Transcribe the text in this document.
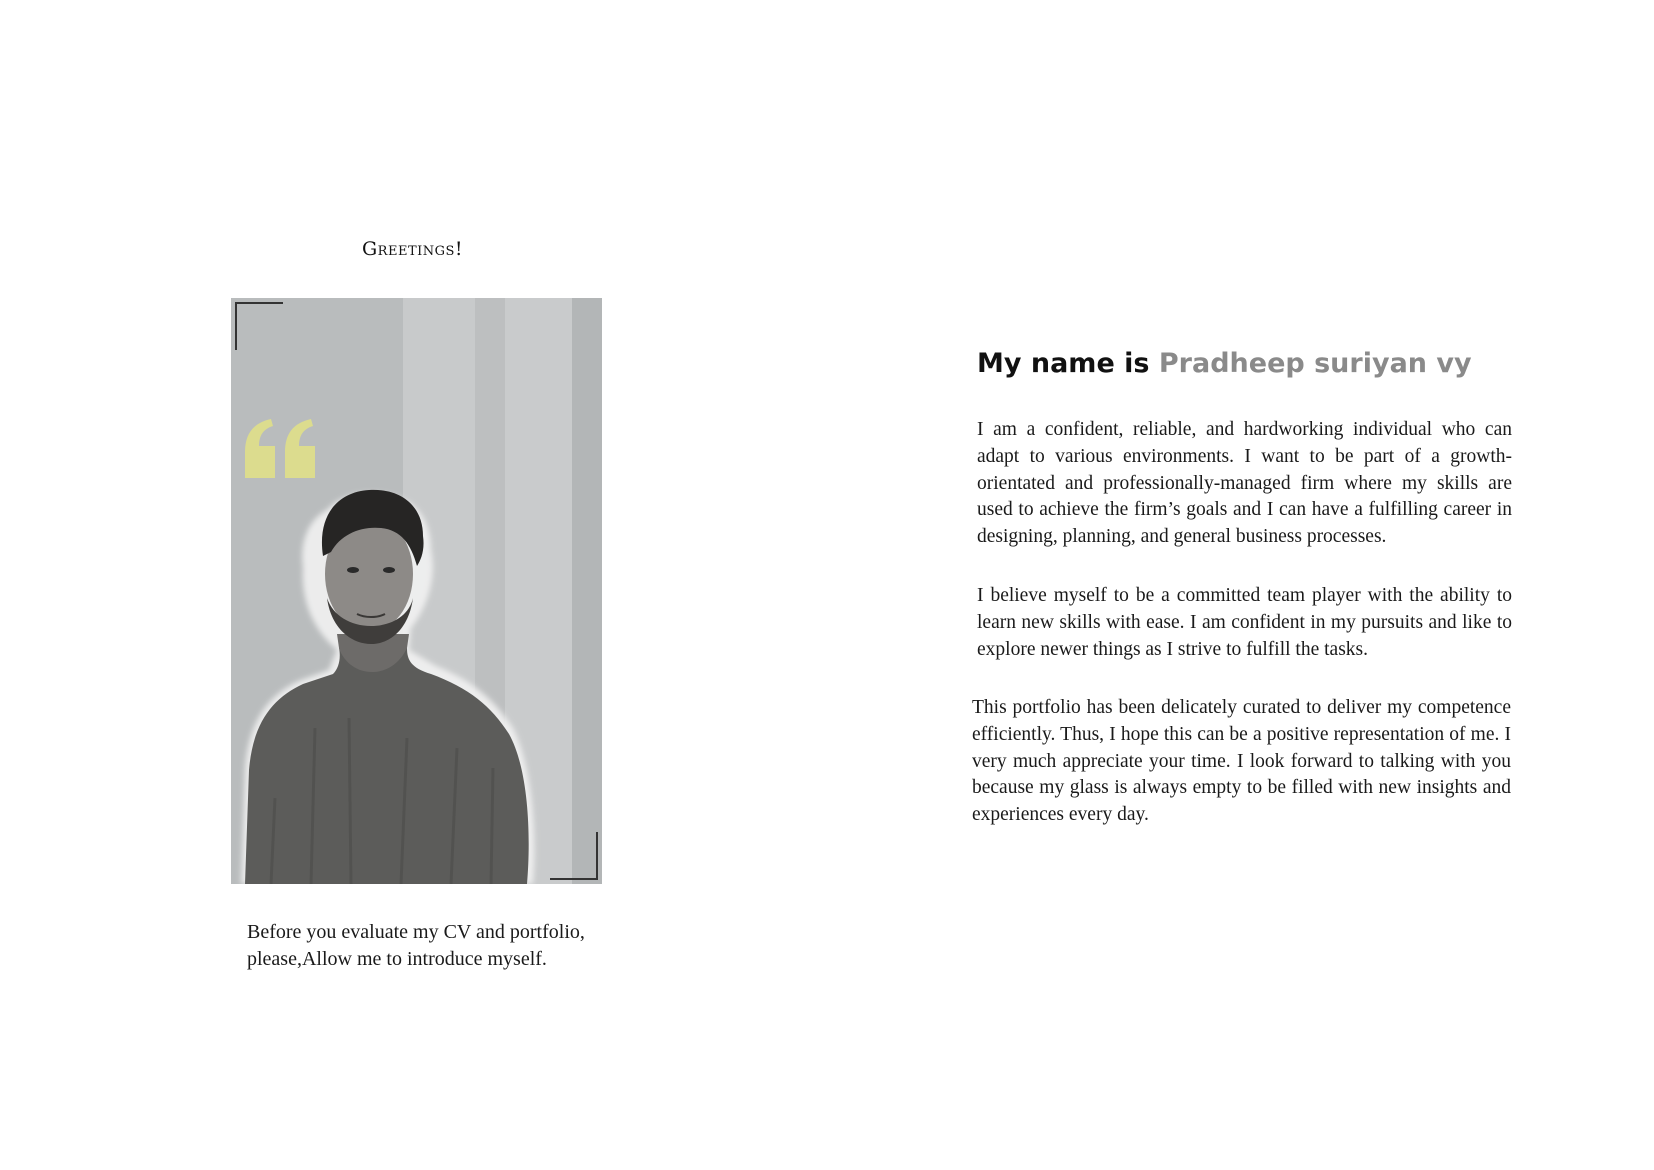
Greetings!
Before you evaluate my CV and portfolio, please,Allow me to introduce myself.
My name is Pradheep suriyan vy

I am a confident, reliable, and hardworking individual who can adapt to various environments. I want to be part of a growth-orientated and professionally-managed firm where my skills are used to achieve the firm’s goals and I can have a fulfilling career in designing, planning, and general business processes.

I believe myself to be a committed team player with the ability to learn new skills with ease. I am confident in my pursuits and like to explore newer things as I strive to fulfill the tasks.

This portfolio has been delicately curated to deliver my competence efficiently. Thus, I hope this can be a positive representation of me. I very much appreciate your time. I look forward to talking with you because my glass is always empty to be filled with new insights and experiences every day.
